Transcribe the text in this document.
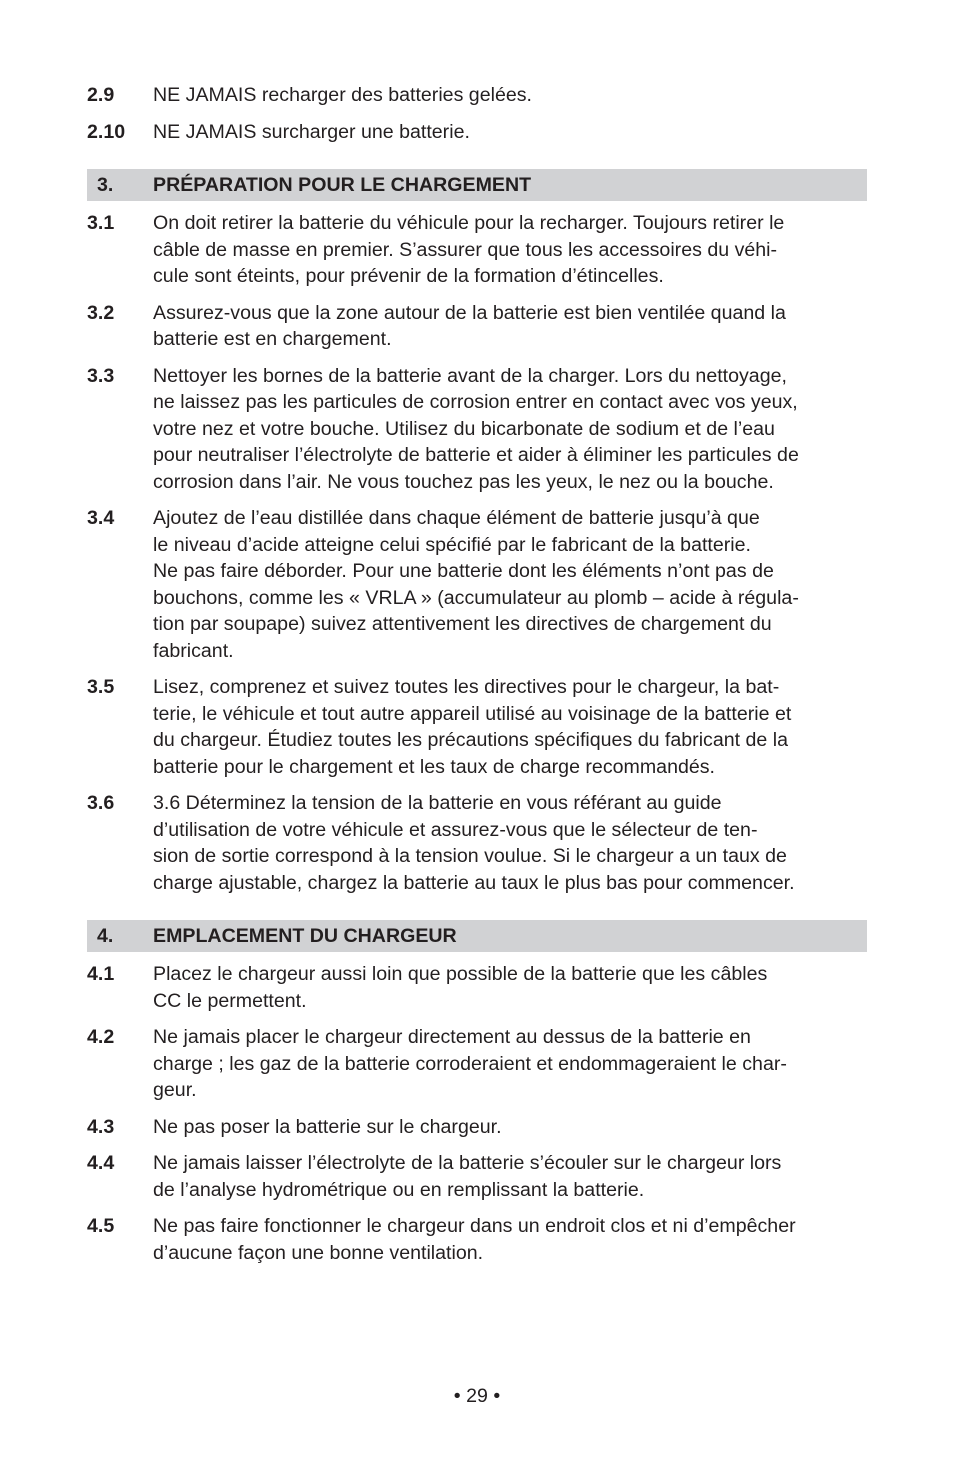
2.9	NE JAMAIS recharger des batteries gelées.
2.10	NE JAMAIS surcharger une batterie.
3.	PRÉPARATION POUR LE CHARGEMENT
3.1	On doit retirer la batterie du véhicule pour la recharger. Toujours retirer le
câble de masse en premier. S’assurer que tous les accessoires du véhi-
cule sont éteints, pour prévenir de la formation d’étincelles.
3.2	Assurez-vous que la zone autour de la batterie est bien ventilée quand la
batterie est en chargement.
3.3	Nettoyer les bornes de la batterie avant de la charger. Lors du nettoyage,
ne laissez pas les particules de corrosion entrer en contact avec vos yeux,
votre nez et votre bouche. Utilisez du bicarbonate de sodium et de l’eau
pour neutraliser l’électrolyte de batterie et aider à éliminer les particules de
corrosion dans l’air. Ne vous touchez pas les yeux, le nez ou la bouche.
3.4	Ajoutez de l’eau distillée dans chaque élément de batterie jusqu’à que
le niveau d’acide atteigne celui spécifié par le fabricant de la batterie.
Ne pas faire déborder. Pour une batterie dont les éléments n’ont pas de
bouchons, comme les « VRLA » (accumulateur au plomb – acide à régula-
tion par soupape) suivez attentivement les directives de chargement du
fabricant.
3.5	Lisez, comprenez et suivez toutes les directives pour le chargeur, la bat-
terie, le véhicule et tout autre appareil utilisé au voisinage de la batterie et
du chargeur. Étudiez toutes les précautions spécifiques du fabricant de la
batterie pour le chargement et les taux de charge recommandés.
3.6	3.6 Déterminez la tension de la batterie en vous référant au guide
d’utilisation de votre véhicule et assurez-vous que le sélecteur de ten-
sion de sortie correspond à la tension voulue. Si le chargeur a un taux de
charge ajustable, chargez la batterie au taux le plus bas pour commencer.
4.	EMPLACEMENT DU CHARGEUR
4.1	Placez le chargeur aussi loin que possible de la batterie que les câbles
CC le permettent.
4.2	Ne jamais placer le chargeur directement au dessus de la batterie en
charge ; les gaz de la batterie corroderaient et endommageraient le char-
geur.
4.3	Ne pas poser la batterie sur le chargeur.
4.4	Ne jamais laisser l’électrolyte de la batterie s’écouler sur le chargeur lors
de l’analyse hydrométrique ou en remplissant la batterie.
4.5	Ne pas faire fonctionner le chargeur dans un endroit clos et ni d’empêcher
d’aucune façon une bonne ventilation.
• 29 •
